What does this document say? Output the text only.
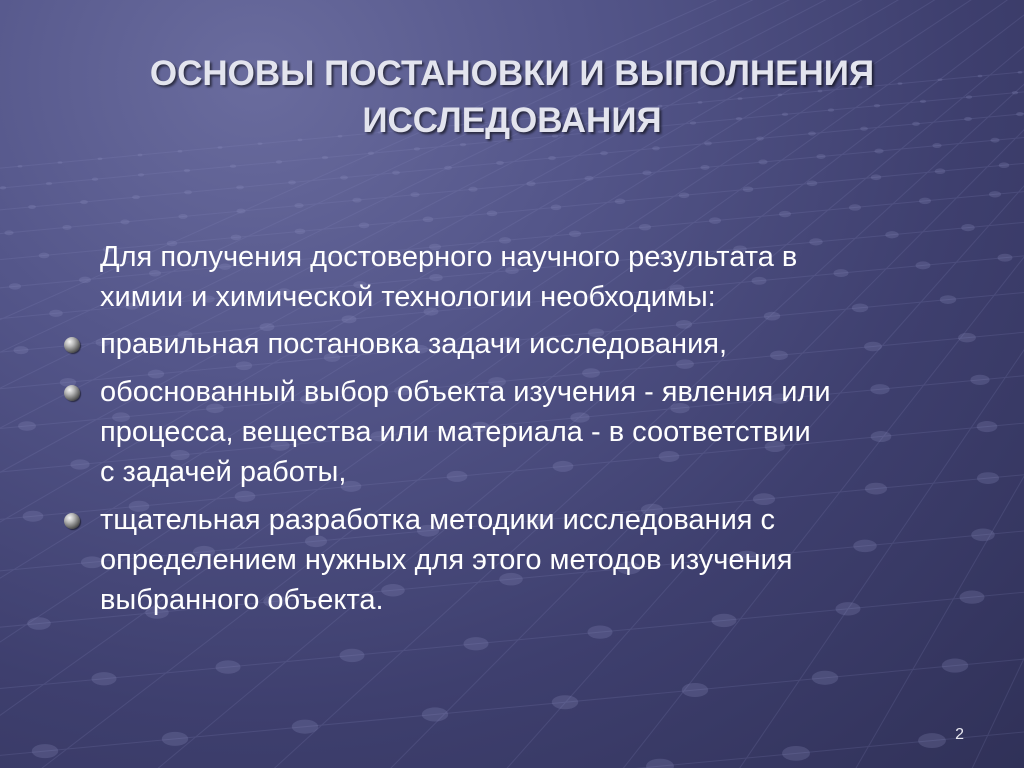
ОСНОВЫ ПОСТАНОВКИ И ВЫПОЛНЕНИЯ
ИССЛЕДОВАНИЯ

Для получения достоверного научного результата в
химии и химической технологии необходимы:

правильная постановка задачи исследования,
обоснованный выбор объекта изучения - явления или
процесса, вещества или материала - в соответствии
с задачей работы,
тщательная разработка методики исследования с
определением нужных для этого методов изучения
выбранного объекта.
2
